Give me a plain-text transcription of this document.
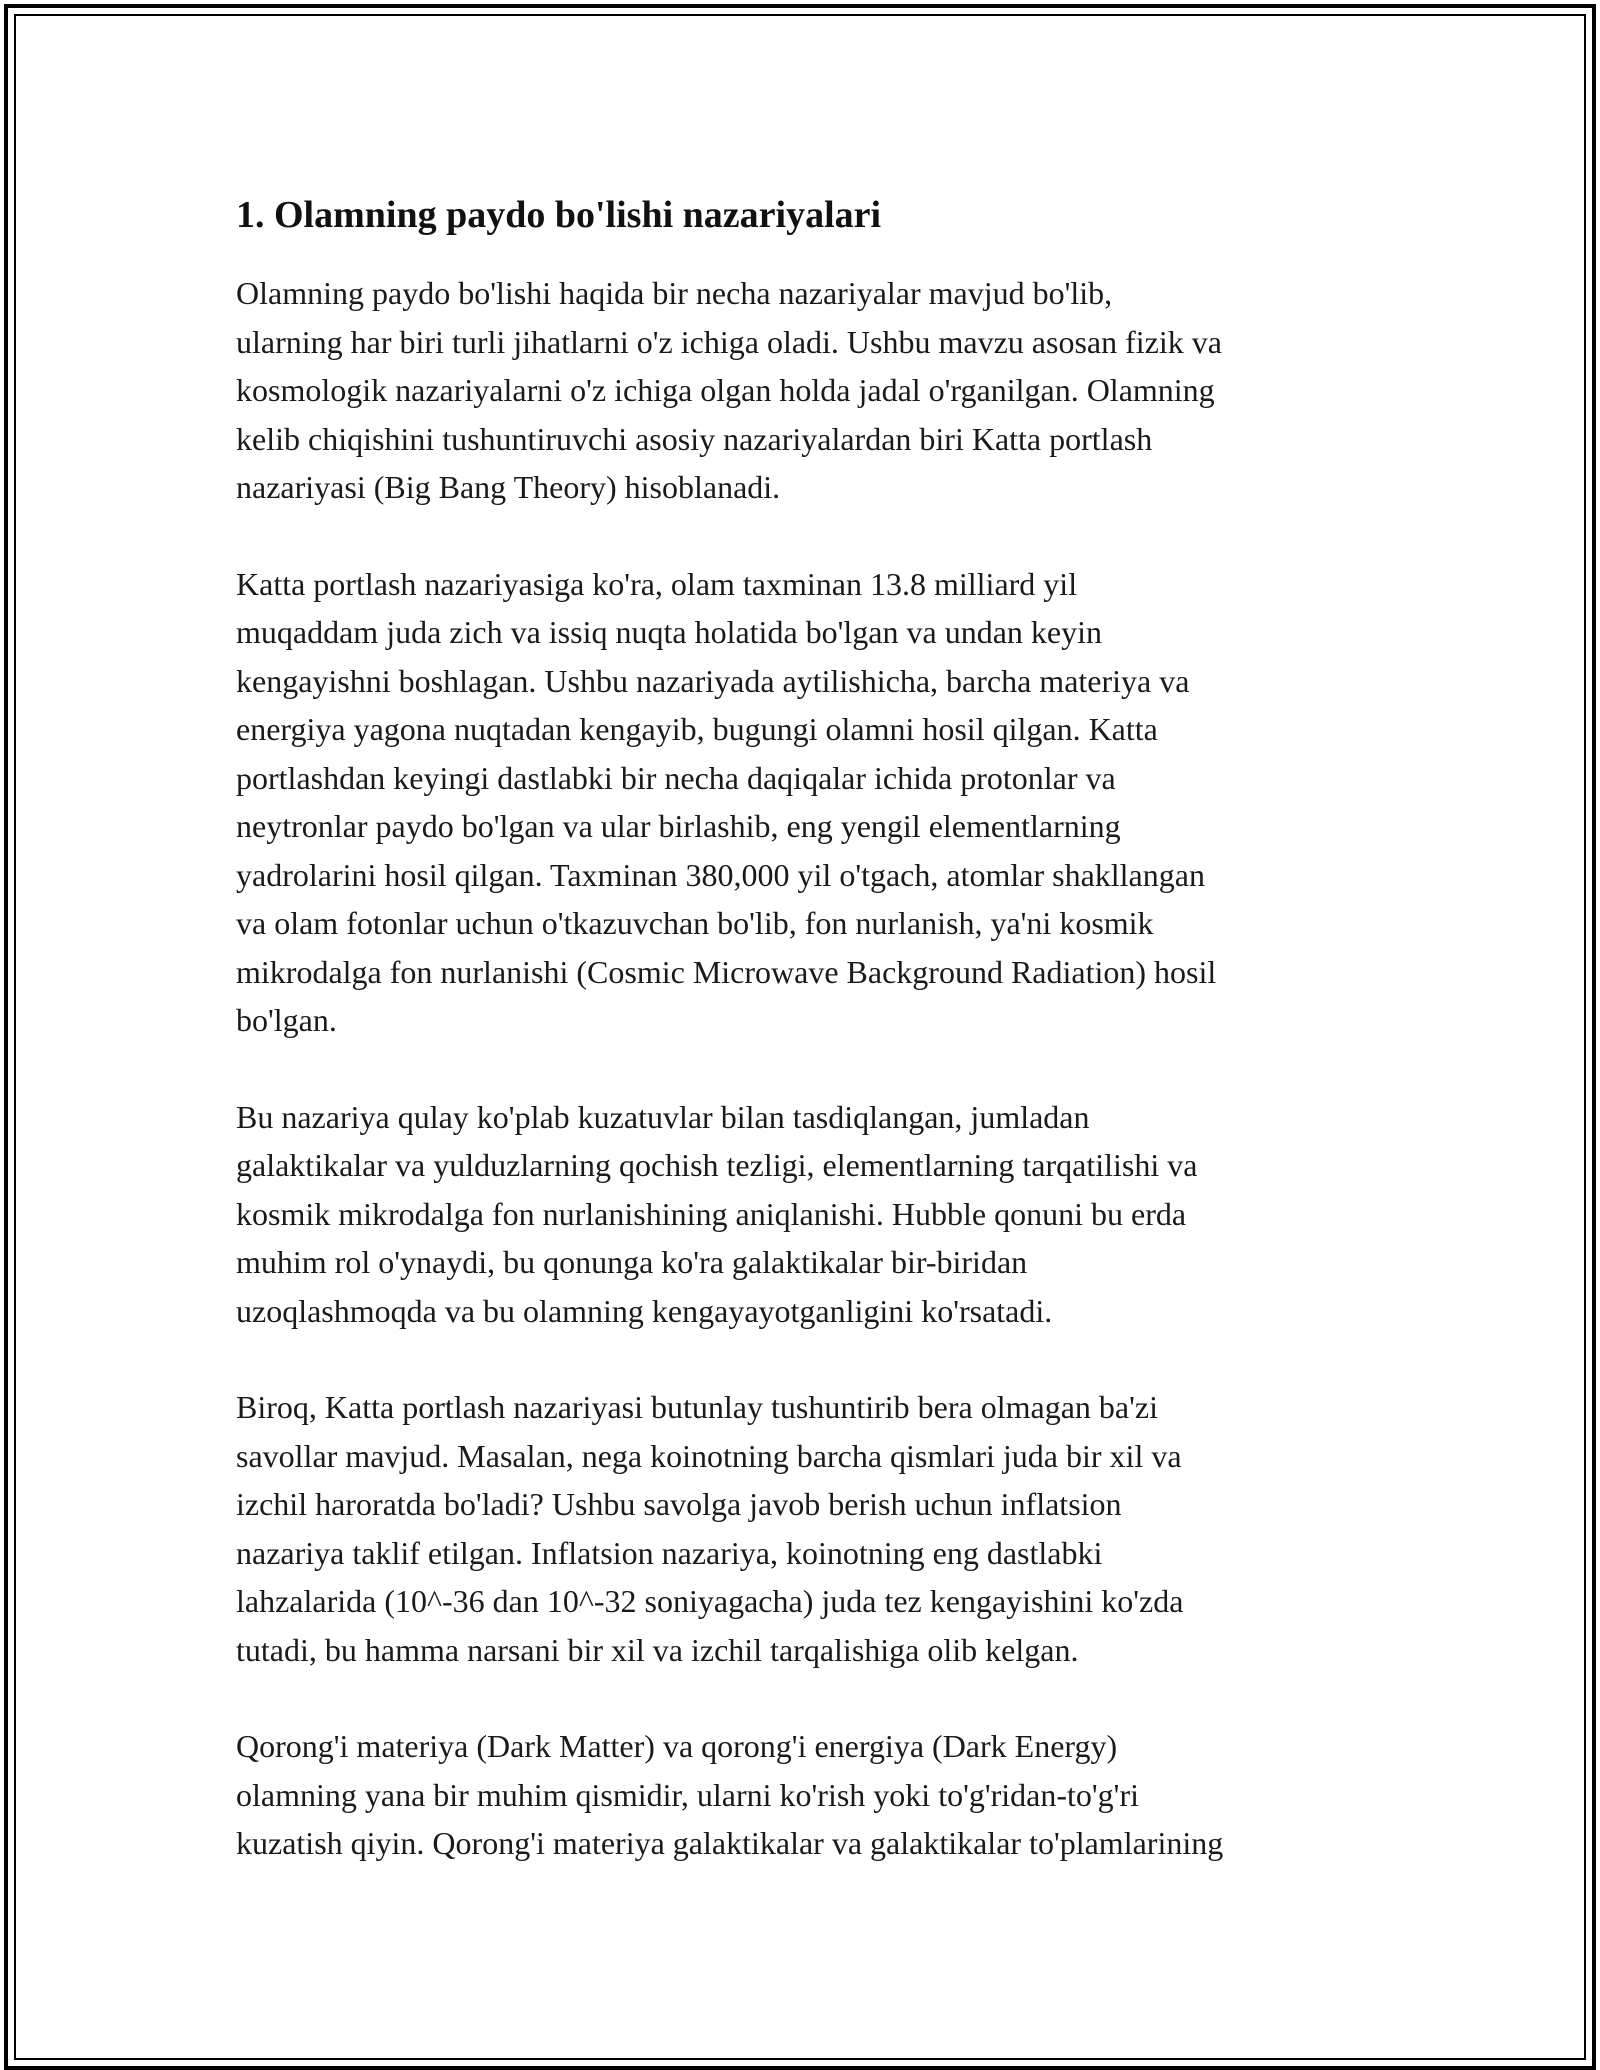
1. Olamning paydo bo'lishi nazariyalari

Olamning paydo bo'lishi haqida bir necha nazariyalar mavjud bo'lib,
ularning har biri turli jihatlarni o'z ichiga oladi. Ushbu mavzu asosan fizik va
kosmologik nazariyalarni o'z ichiga olgan holda jadal o'rganilgan. Olamning
kelib chiqishini tushuntiruvchi asosiy nazariyalardan biri Katta portlash
nazariyasi (Big Bang Theory) hisoblanadi.

Katta portlash nazariyasiga ko'ra, olam taxminan 13.8 milliard yil
muqaddam juda zich va issiq nuqta holatida bo'lgan va undan keyin
kengayishni boshlagan. Ushbu nazariyada aytilishicha, barcha materiya va
energiya yagona nuqtadan kengayib, bugungi olamni hosil qilgan. Katta
portlashdan keyingi dastlabki bir necha daqiqalar ichida protonlar va
neytronlar paydo bo'lgan va ular birlashib, eng yengil elementlarning
yadrolarini hosil qilgan. Taxminan 380,000 yil o'tgach, atomlar shakllangan
va olam fotonlar uchun o'tkazuvchan bo'lib, fon nurlanish, ya'ni kosmik
mikrodalga fon nurlanishi (Cosmic Microwave Background Radiation) hosil
bo'lgan.

Bu nazariya qulay ko'plab kuzatuvlar bilan tasdiqlangan, jumladan
galaktikalar va yulduzlarning qochish tezligi, elementlarning tarqatilishi va
kosmik mikrodalga fon nurlanishining aniqlanishi. Hubble qonuni bu erda
muhim rol o'ynaydi, bu qonunga ko'ra galaktikalar bir-biridan
uzoqlashmoqda va bu olamning kengayayotganligini ko'rsatadi.

Biroq, Katta portlash nazariyasi butunlay tushuntirib bera olmagan ba'zi
savollar mavjud. Masalan, nega koinotning barcha qismlari juda bir xil va
izchil haroratda bo'ladi? Ushbu savolga javob berish uchun inflatsion
nazariya taklif etilgan. Inflatsion nazariya, koinotning eng dastlabki
lahzalarida (10^-36 dan 10^-32 soniyagacha) juda tez kengayishini ko'zda
tutadi, bu hamma narsani bir xil va izchil tarqalishiga olib kelgan.

Qorong'i materiya (Dark Matter) va qorong'i energiya (Dark Energy)
olamning yana bir muhim qismidir, ularni ko'rish yoki to'g'ridan-to'g'ri
kuzatish qiyin. Qorong'i materiya galaktikalar va galaktikalar to'plamlarining
